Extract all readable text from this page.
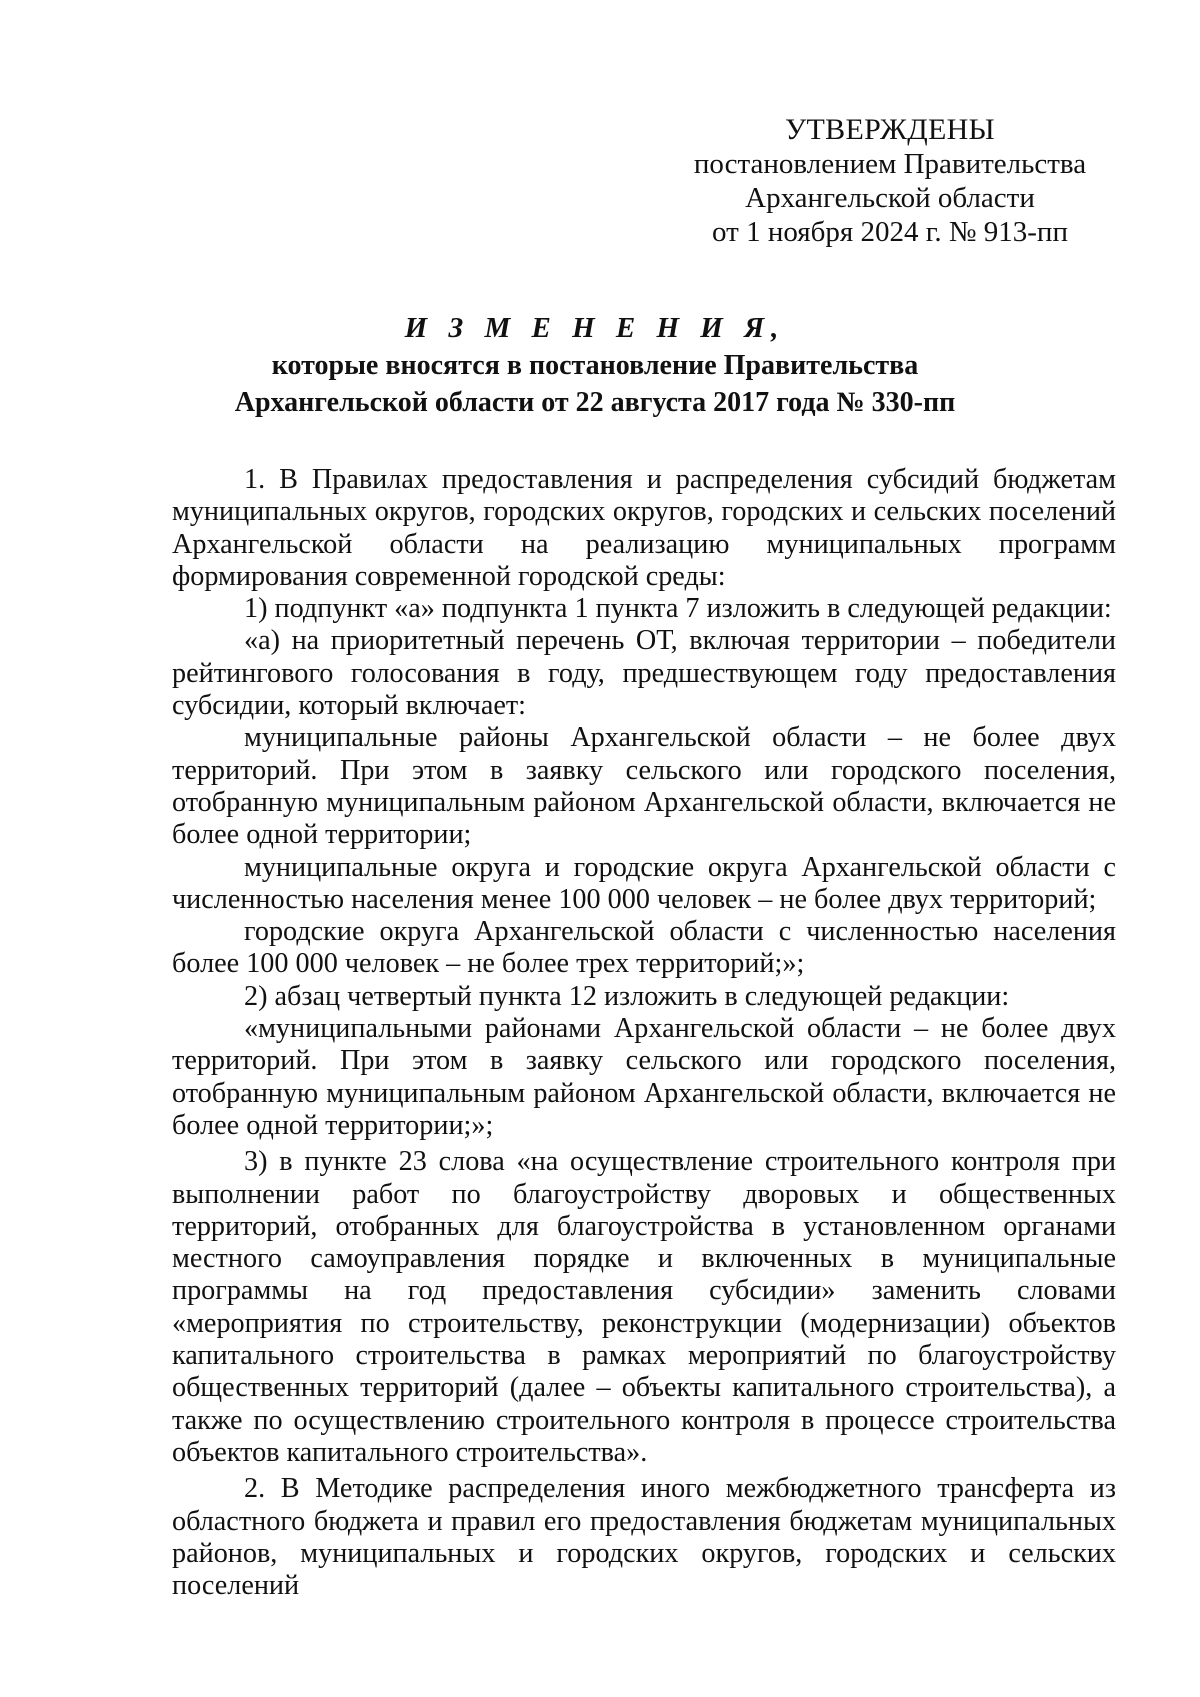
УТВЕРЖДЕНЫ
постановлением Правительства
Архангельской области
от 1 ноября 2024 г. № 913-пп
И З М Е Н Е Н И Я,
которые вносятся в постановление Правительства
Архангельской области от 22 августа 2017 года № 330-пп

1. В Правилах предоставления и распределения субсидий бюджетам муниципальных округов, городских округов, городских и сельских поселений Архангельской области на реализацию муниципальных программ формирования современной городской среды:

1) подпункт «а» подпункта 1 пункта 7 изложить в следующей редакции:

«а) на приоритетный перечень ОТ, включая территории – победители рейтингового голосования в году, предшествующем году предоставления субсидии, который включает:

муниципальные районы Архангельской области – не более двух территорий. При этом в заявку сельского или городского поселения, отобранную муниципальным районом Архангельской области, включается не более одной территории;

муниципальные округа и городские округа Архангельской области с численностью населения менее 100 000 человек – не более двух территорий;

городские округа Архангельской области с численностью населения более 100 000 человек – не более трех территорий;»;

2) абзац четвертый пункта 12 изложить в следующей редакции:

«муниципальными районами Архангельской области – не более двух территорий. При этом в заявку сельского или городского поселения, отобранную муниципальным районом Архангельской области, включается не более одной территории;»;

3) в пункте 23 слова «на осуществление строительного контроля при выполнении работ по благоустройству дворовых и общественных территорий, отобранных для благоустройства в установленном органами местного самоуправления порядке и включенных в муниципальные программы на год предоставления субсидии» заменить словами «мероприятия по строительству, реконструкции (модернизации) объектов капитального строительства в рамках мероприятий по благоустройству общественных территорий (далее – объекты капитального строительства), а также по осуществлению строительного контроля в процессе строительства объектов капитального строительства».

2. В Методике распределения иного межбюджетного трансферта из областного бюджета и правил его предоставления бюджетам муниципальных районов, муниципальных и городских округов, городских и сельских поселений
